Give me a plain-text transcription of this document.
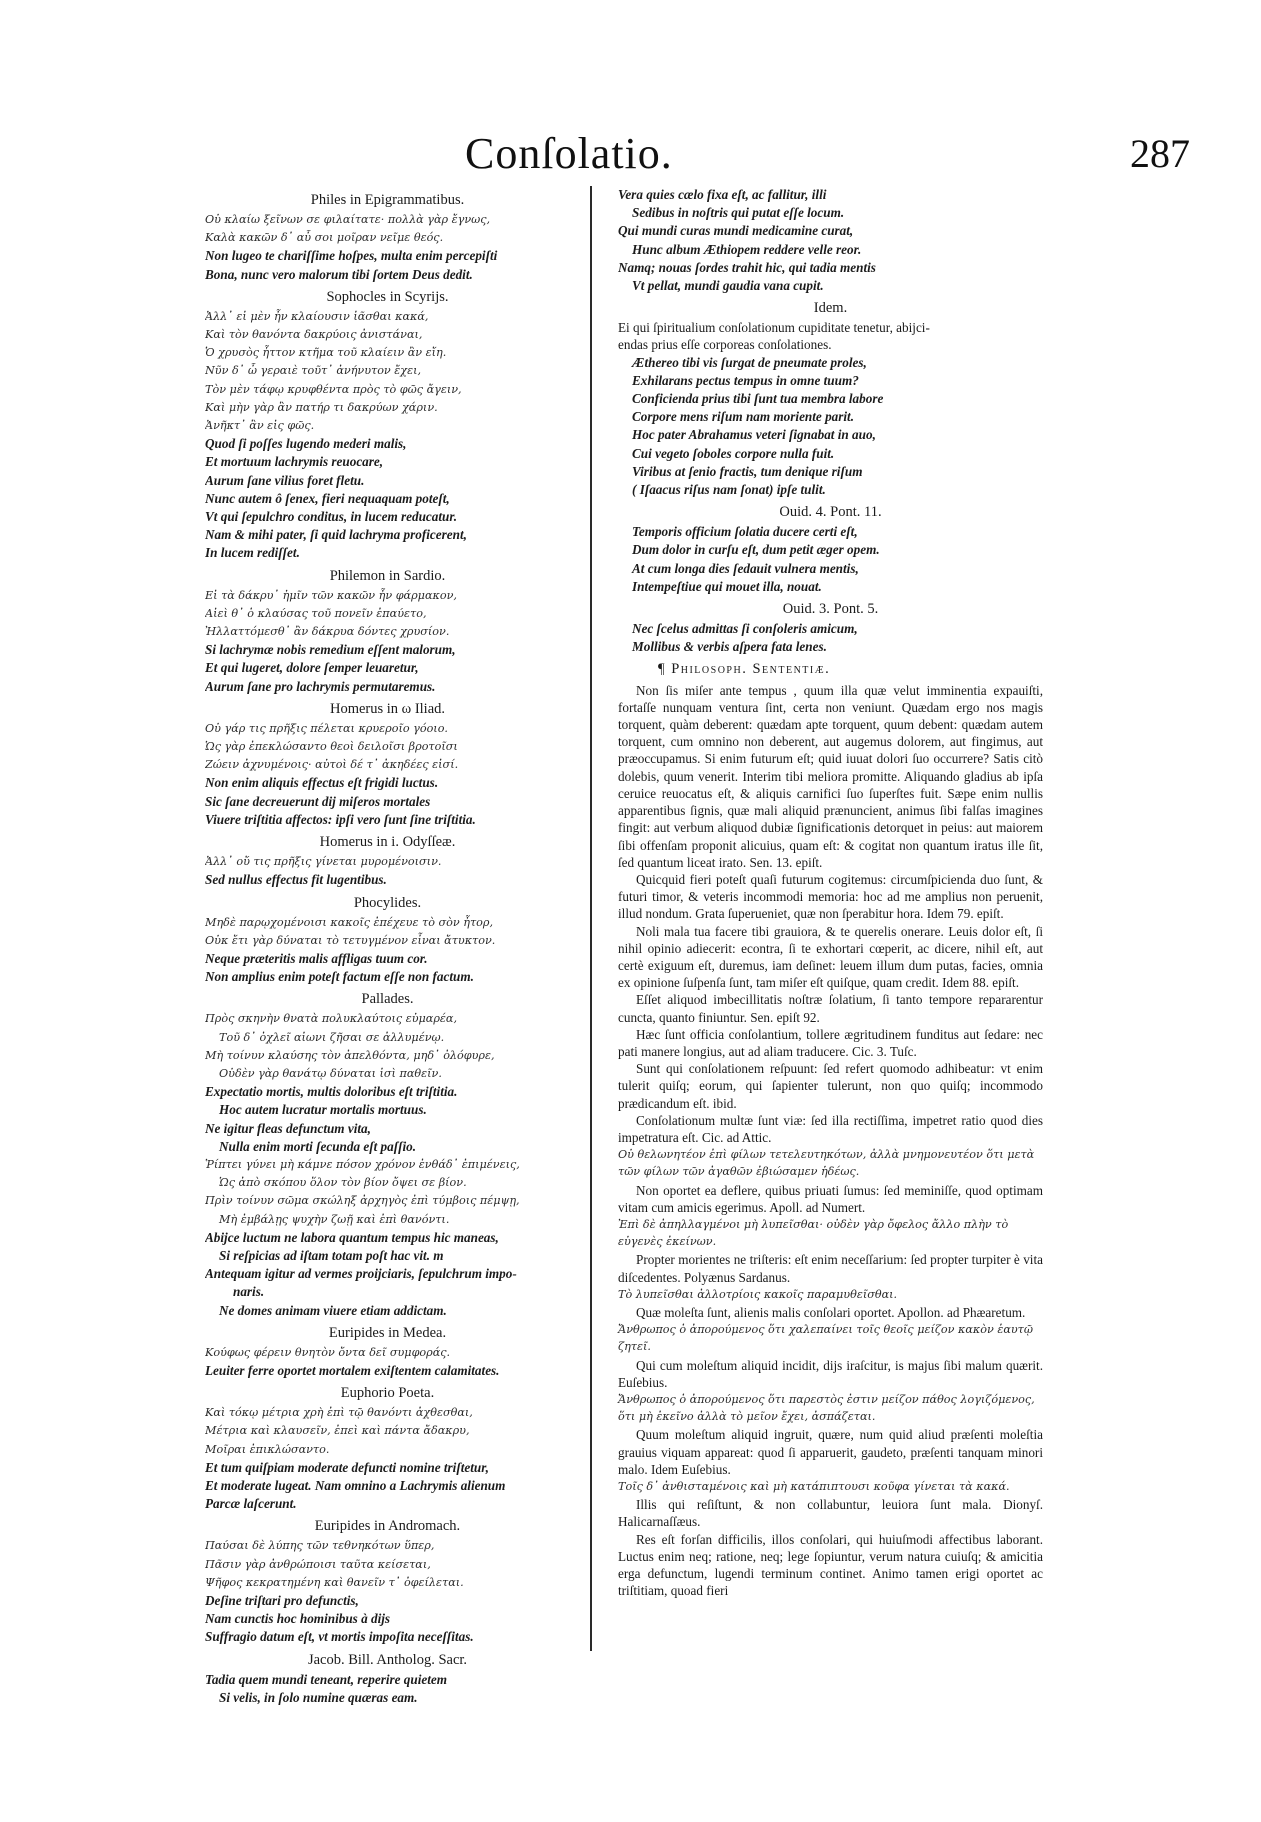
Conſolatio.	287
Philes in Epigrammatibus.
Οὐ κλαίω ξεῖνων σε φιλαίτατε· πολλὰ γὰρ ἔγνως,
Καλὰ κακῶν δ᾽ αὖ σοι μοῖραν νεῖμε θεός.
Non lugeo te chariſſime hoſpes, multa enim percepiſti
Bona, nunc vero malorum tibi ſortem Deus dedit.
Sophocles in Scyrijs.
Ἀλλ᾽ εἰ μὲν ἦν κλαίουσιν ἰᾶσθαι κακά,
Καὶ τὸν θανόντα δακρύοις ἀνιστάναι,
Ὁ χρυσὸς ἧττον κτῆμα τοῦ κλαίειν ἂν εἴη.
Νῦν δ᾽ ὦ γεραιὲ τοῦτ᾽ ἀνήνυτον ἔχει,
Τὸν μὲν τάφῳ κρυφθέντα πρὸς τὸ φῶς ἄγειν,
Καὶ μὴν γὰρ ἂν πατήρ τι δακρύων χάριν.
Ἀνῆκτ᾽ ἂν εἰς φῶς.
Quod ſi poſſes lugendo mederi malis,
Et mortuum lachrymis reuocare,
Aurum ſane vilius foret fletu.
Nunc autem ô ſenex, fieri nequaquam poteſt,
Vt qui ſepulchro conditus, in lucem reducatur.
Nam & mihi pater, ſi quid lachryma proficerent,
In lucem rediſſet.
Philemon in Sardio.
Εἰ τὰ δάκρυ᾽ ἡμῖν τῶν κακῶν ἦν φάρμακον,
Αἰεὶ θ᾽ ὁ κλαύσας τοῦ πονεῖν ἐπαύετο,
Ἠλλαττόμεσθ᾽ ἂν δάκρυα δόντες χρυσίον.
Si lachrymæ nobis remedium eſſent malorum,
Et qui lugeret, dolore ſemper leuaretur,
Aurum ſane pro lachrymis permutaremus.
Homerus in ω Iliad.
Οὐ γάρ τις πρῆξις πέλεται κρυεροῖο γόοιο.
Ὡς γὰρ ἐπεκλώσαντο θεοὶ δειλοῖσι βροτοῖσι
Ζώειν ἀχνυμένοις· αὐτοὶ δέ τ᾽ ἀκηδέες εἰσί.
Non enim aliquis effectus eſt frigidi luctus.
Sic ſane decreuerunt dij miſeros mortales
Viuere triſtitia affectos: ipſi vero ſunt ſine triſtitia.
Homerus in i. Odyſſeæ.
Ἀλλ᾽ οὔ τις πρῆξις γίνεται μυρομένοισιν.
Sed nullus effectus fit lugentibus.
Phocylides.
Μηδὲ παρῳχομένοισι κακοῖς ἐπέχευε τὸ σὸν ἦτορ,
Οὐκ ἔτι γὰρ δύναται τὸ τετυγμένον εἶναι ἄτυκτον.
Neque præteritis malis affligas tuum cor.
Non amplius enim poteſt factum eſſe non factum.
Pallades.
Πρὸς σκηνὴν θνατὰ πολυκλαύτοις εὐμαρέα,
Τοῦ δ᾽ ὀχλεῖ αἰωνι ζῆσαι σε ἀλλυμένῳ.
Μὴ τοίνυν κλαύσης τὸν ἀπελθόντα, μηδ᾽ ὀλόφυρε,
Οὐδὲν γὰρ θανάτῳ δύναται ἰσὶ παθεῖν.
Expectatio mortis, multis doloribus eſt triſtitia.
Hoc autem lucratur mortalis mortuus.
Ne igitur fleas defunctum vita,
Nulla enim morti ſecunda eſt paſſio.
Ῥίπτει γύνει μὴ κάμνε πόσον χρόνον ἐνθάδ᾽ ἐπιμένεις,
Ὡς ἀπὸ σκόπου ὅλον τὸν βίον ὄψει σε βίον.
Πρὶν τοίνυν σῶμα σκώληξ ἀρχηγὸς ἐπὶ τύμβοις πέμψῃ,
Μὴ ἐμβάλῃς ψυχὴν ζωῇ καὶ ἐπὶ θανόντι.
Abijce luctum ne labora quantum tempus hic maneas,
Si reſpicias ad iſtam totam poſt hac vit. m
Antequam igitur ad vermes proijciaris, ſepulchrum impo-
naris.
Ne domes animam viuere etiam addictam.
Euripides in Medea.
Κούφως φέρειν θνητὸν ὄντα δεῖ συμφοράς.
Leuiter ferre oportet mortalem exiſtentem calamitates.
Euphorio Poeta.
Καὶ τόκῳ μέτρια χρὴ ἐπὶ τῷ θανόντι ἀχθεσθαι,
Μέτρια καὶ κλαυσεῖν, ἐπεὶ καὶ πάντα ἄδακρυ,
Μοῖραι ἐπικλώσαντο.
Et tum quiſpiam moderate defuncti nomine triſtetur,
Et moderate lugeat. Nam omnino a Lachrymis alienum
Parcæ laſcerunt.
Euripides in Andromach.
Παύσαι δὲ λύπης τῶν τεθνηκότων ὕπερ,
Πᾶσιν γὰρ ἀνθρώποισι ταῦτα κείσεται,
Ψῆφος κεκρατημένη καὶ θανεῖν τ᾽ ὀφείλεται.
Deſine triſtari pro defunctis,
Nam cunctis hoc hominibus à dijs
Suffragio datum eſt, vt mortis impoſita neceſſitas.
Jacob. Bill. Antholog. Sacr.
Tadia quem mundi teneant, reperire quietem
Si velis, in ſolo numine quæras eam.
Vera quies cælo fixa eſt, ac fallitur, illi
Sedibus in noſtris qui putat eſſe locum.
Qui mundi curas mundi medicamine curat,
Hunc album Æthiopem reddere velle reor.
Namq; nouas ſordes trahit hic, qui tadia mentis
Vt pellat, mundi gaudia vana cupit.
Idem.
Ei qui ſpiritualium conſolationum cupiditate tenetur, abijci-
endas prius eſſe corporeas conſolationes.
Æthereo tibi vis ſurgat de pneumate proles,
Exhilarans pectus tempus in omne tuum?
Conficienda prius tibi ſunt tua membra labore
Corpore mens riſum nam moriente parit.
Hoc pater Abrahamus veteri ſignabat in auo,
Cui vegeto ſoboles corpore nulla fuit.
Viribus at ſenio fractis, tum denique riſum
( Iſaacus riſus nam ſonat) ipſe tulit.
Ouid. 4. Pont. 11.
Temporis officium ſolatia ducere certi eſt,
Dum dolor in curſu eſt, dum petit æger opem.
At cum longa dies ſedauit vulnera mentis,
Intempeſtiue qui mouet illa, nouat.
Ouid. 3. Pont. 5.
Nec ſcelus admittas ſi conſoleris amicum,
Mollibus & verbis aſpera fata lenes.
¶ Philosoph. Sententiæ.
Non ſis miſer ante tempus , quum illa quæ velut imminentia expauiſti, fortaſſe nunquam ventura ſint, certa non veniunt. Quædam ergo nos magis torquent, quàm deberent: quædam apte torquent, quum debent: quædam autem torquent, cum omnino non deberent, aut augemus dolorem, aut fingimus, aut præoccupamus. Si enim futurum eſt; quid iuuat dolori ſuo occurrere? Satis citò dolebis, quum venerit. Interim tibi meliora promitte. Aliquando gladius ab ipſa ceruice reuocatus eſt, & aliquis carnifici ſuo ſuperſtes fuit. Sæpe enim nullis apparentibus ſignis, quæ mali aliquid prænuncient, animus ſibi falſas imagines fingit: aut verbum aliquod dubiæ ſignificationis detorquet in peius: aut maiorem ſibi offenſam proponit alicuius, quam eſt: & cogitat non quantum iratus ille ſit, ſed quantum liceat irato. Sen. 13. epiſt.
Quicquid fieri poteſt quaſi futurum cogitemus: circumſpicienda duo ſunt, & futuri timor, & veteris incommodi memoria: hoc ad me amplius non peruenit, illud nondum. Grata ſuperueniet, quæ non ſperabitur hora. Idem 79. epiſt.
Noli mala tua facere tibi grauiora, & te querelis onerare. Leuis dolor eſt, ſi nihil opinio adiecerit: econtra, ſi te exhortari cœperit, ac dicere, nihil eſt, aut certè exiguum eſt, duremus, iam deſinet: leuem illum dum putas, facies, omnia ex opinione ſuſpenſa ſunt, tam miſer eſt quiſque, quam credit. Idem 88. epiſt.
Eſſet aliquod imbecillitatis noſtræ ſolatium, ſi tanto tempore repararentur cuncta, quanto finiuntur. Sen. epiſt 92.
Hæc ſunt officia conſolantium, tollere ægritudinem funditus aut ſedare: nec pati manere longius, aut ad aliam traducere. Cic. 3. Tuſc.
Sunt qui conſolationem reſpuunt: ſed refert quomodo adhibeatur: vt enim tulerit quiſq; eorum, qui ſapienter tulerunt, non quo quiſq; incommodo prædicandum eſt. ibid.
Conſolationum multæ ſunt viæ: ſed illa rectiſſima, impetret ratio quod dies impetratura eſt. Cic. ad Attic.
Οὐ θελωνητέον ἐπὶ φίλων τετελευτηκότων, ἀλλὰ μνημονευτέον ὅτι μετὰ τῶν φίλων τῶν ἀγαθῶν ἐβιώσαμεν ἡδέως.
Non oportet ea deflere, quibus priuati ſumus: ſed meminiſſe, quod optimam vitam cum amicis egerimus. Apoll. ad Numert.
Ἐπὶ δὲ ἀπηλλαγμένοι μὴ λυπεῖσθαι· οὐδὲν γὰρ ὄφελος ἄλλο πλὴν τὸ εὐγενὲς ἐκείνων.
Propter morientes ne triſteris: eſt enim neceſſarium: ſed propter turpiter è vita diſcedentes. Polyænus Sardanus.
Τὸ λυπεῖσθαι ἀλλοτρίοις κακοῖς παραμυθεῖσθαι.
Quæ moleſta ſunt, alienis malis conſolari oportet. Apollon. ad Phæaretum.
Ἄνθρωπος ὁ ἀπορούμενος ὅτι χαλεπαίνει τοῖς θεοῖς μείζον κακὸν ἑαυτῷ ζητεῖ.
Qui cum moleſtum aliquid incidit, dijs iraſcitur, is majus ſibi malum quærit. Euſebius.
Ἄνθρωπος ὁ ἀπορούμενος ὅτι παρεστὸς ἐστιν μείζον πάθος λογιζόμενος, ὅτι μὴ ἐκεῖνο ἀλλὰ τὸ μεῖον ἔχει, ἀσπάζεται.
Quum moleſtum aliquid ingruit, quære, num quid aliud præſenti moleſtia grauius viquam appareat: quod ſi apparuerit, gaudeto, præſenti tanquam minori malo. Idem Euſebius.
Τοῖς δ᾽ ἀνθισταμένοις καὶ μὴ κατάπιπτουσι κοῦφα γίνεται τὰ κακά.
Illis qui reſiſtunt, & non collabuntur, leuiora ſunt mala. Dionyſ. Halicarnaſſæus.
Res eſt forſan difficilis, illos conſolari, qui huiuſmodi affectibus laborant. Luctus enim neq; ratione, neq; lege ſopiuntur, verum natura cuiuſq; & amicitia erga defunctum, lugendi terminum continet. Animo tamen erigi oportet ac triſtitiam, quoad fieri
